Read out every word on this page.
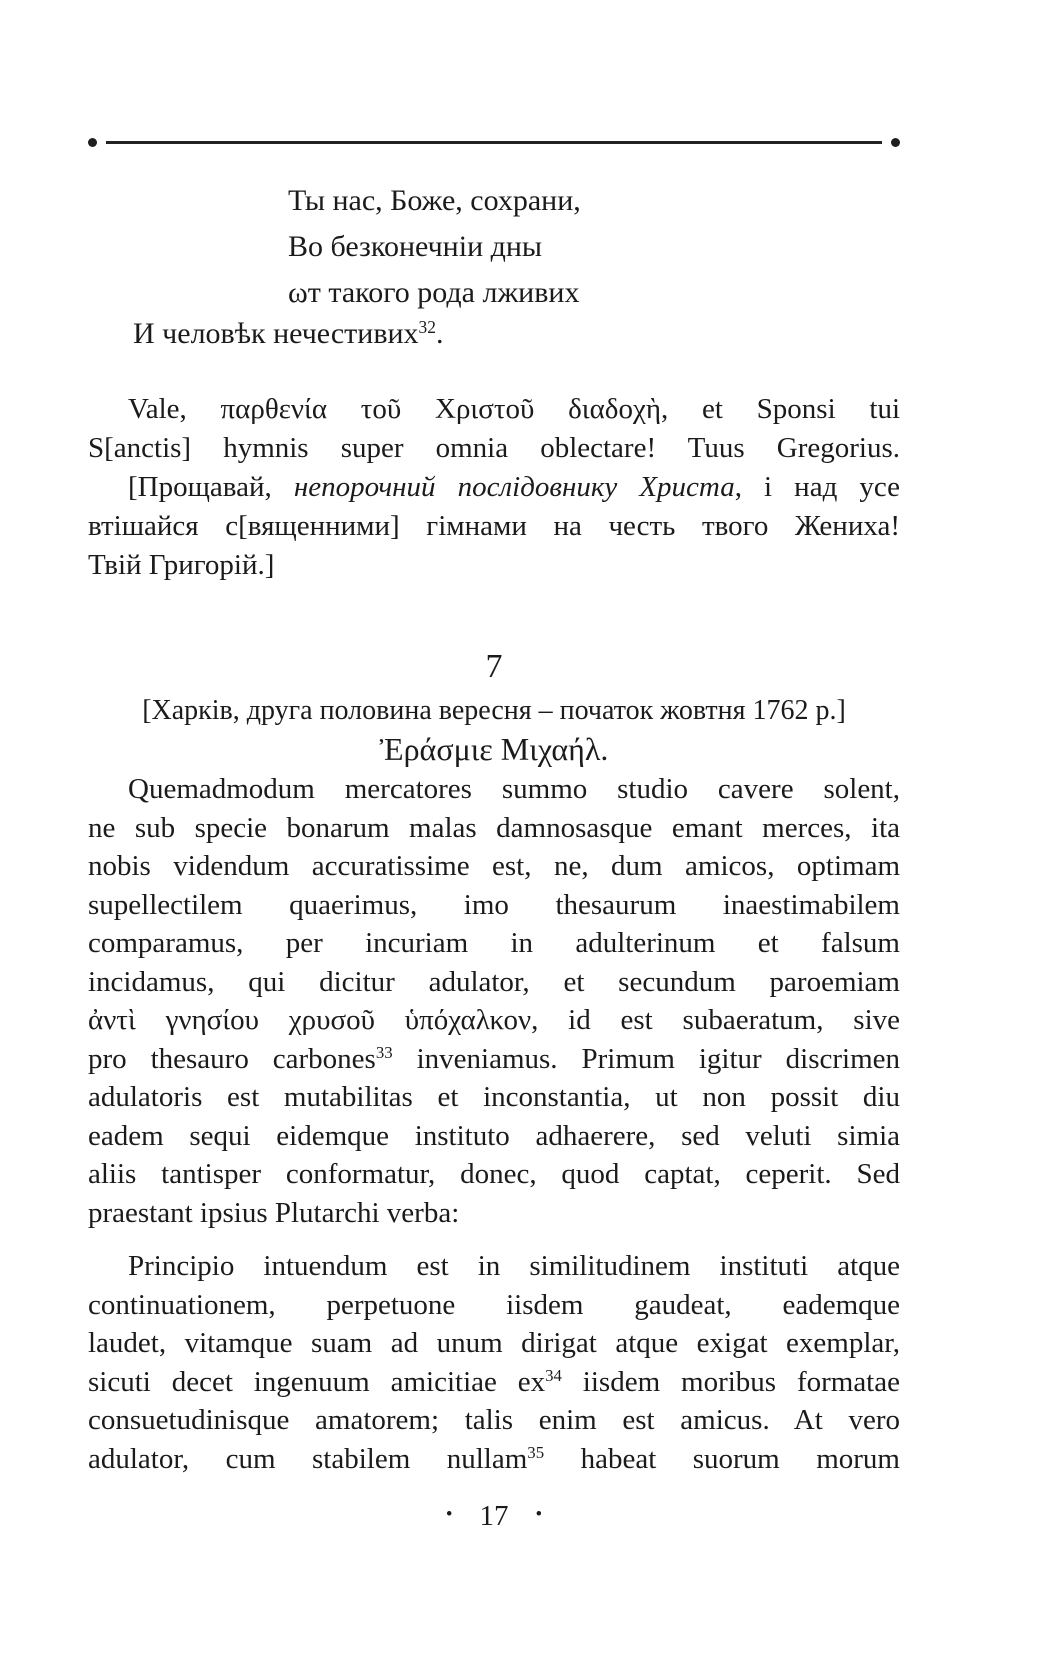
Ты нас, Боже, сохрани,
Во безконечніи дны
ωт такого рода лживих
И человѣк нечестивих$^{32}$.
Vale, παρθενία τοῦ Χριστοῦ διαδοχὴ, et Sponsi tui
S[anctis] hymnis super omnia oblectare! Tuus Gregorius.
[Прощавай, непорочний послідовнику Христа, і над усе
втішайся с[вященними] гімнами на честь твого Жениха!
Твій Григорій.]
7
[Харків, друга половина вересня – початок жовтня 1762 р.]
Ἐράσμιε Μιχαήλ.
Quemadmodum mercatores summo studio cavere solent,
ne sub specie bonarum malas damnosasque emant merces, ita
nobis videndum accuratissime est, ne, dum amicos, optimam
supellectilem quaerimus, imo thesaurum inaestimabilem
comparamus, per incuriam in adulterinum et falsum
incidamus, qui dicitur adulator, et secundum paroemiam
ἀντὶ γνησίου χρυσοῦ ὑπόχαλκον, id est subaeratum, sive
pro thesauro carbones$^{33}$ inveniamus. Primum igitur discrimen
adulatoris est mutabilitas et inconstantia, ut non possit diu
eadem sequi eidemque instituto adhaerere, sed veluti simia
aliis tantisper conformatur, donec, quod captat, ceperit. Sed
praestant ipsius Plutarchi verba:
Principio intuendum est in similitudinem instituti atque
continuationem, perpetuone iisdem gaudeat, eademque
laudet, vitamque suam ad unum dirigat atque exigat exemplar,
sicuti decet ingenuum amicitiae $ex^{34}$ iisdem moribus formatae
consuetudinisque amatorem; talis enim est amicus. At vero
adulator, cum stabilem nullam$^{35}$ habeat suorum morum
• 17 •
